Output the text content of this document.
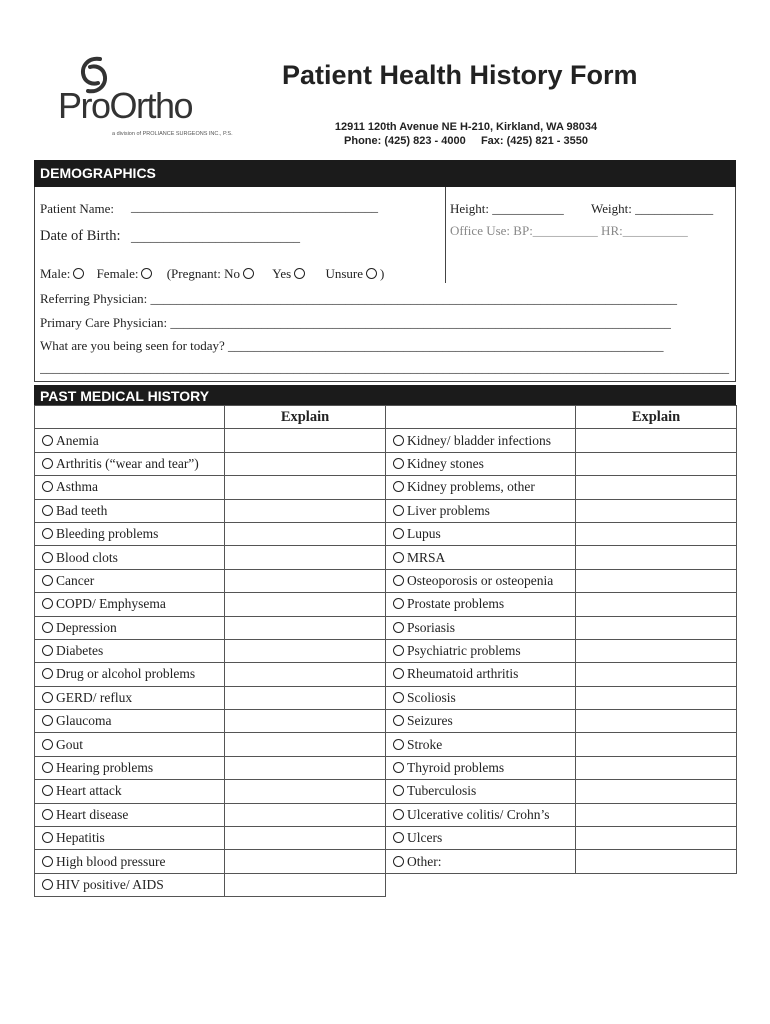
ProOrtho
a division of PROLIANCE SURGEONS INC., P.S.
Patient Health History Form
12911 120th Avenue NE H-210, Kirkland, WA 98034
Phone: (425) 823 - 4000     Fax: (425) 821 - 3550
DEMOGRAPHICS
Patient Name: ______________________________________
Date of Birth: __________________________
Height: ___________ Weight: ____________
Office Use: BP:__________ HR:__________
Male: Female: (Pregnant: No Yes	Unsure )
Referring Physician: _________________________________________________________________________________
Primary Care Physician: _____________________________________________________________________________
What are you being seen for today? ___________________________________________________________________
__________________________________________________________________________________________________________
PAST MEDICAL HISTORY
	Explain		Explain
Anemia		Kidney/ bladder infections	
Arthritis (“wear and tear”)		Kidney stones	
Asthma		Kidney problems, other	
Bad teeth		Liver problems	
Bleeding problems		Lupus	
Blood clots		MRSA	
Cancer		Osteoporosis or osteopenia	
COPD/ Emphysema		Prostate problems	
Depression		Psoriasis	
Diabetes		Psychiatric problems	
Drug or alcohol problems		Rheumatoid arthritis	
GERD/ reflux		Scoliosis	
Glaucoma		Seizures	
Gout		Stroke	
Hearing problems		Thyroid problems	
Heart attack		Tuberculosis	
Heart disease		Ulcerative colitis/ Crohn’s	
Hepatitis		Ulcers	
High blood pressure		Other:	
HIV positive/ AIDS			
